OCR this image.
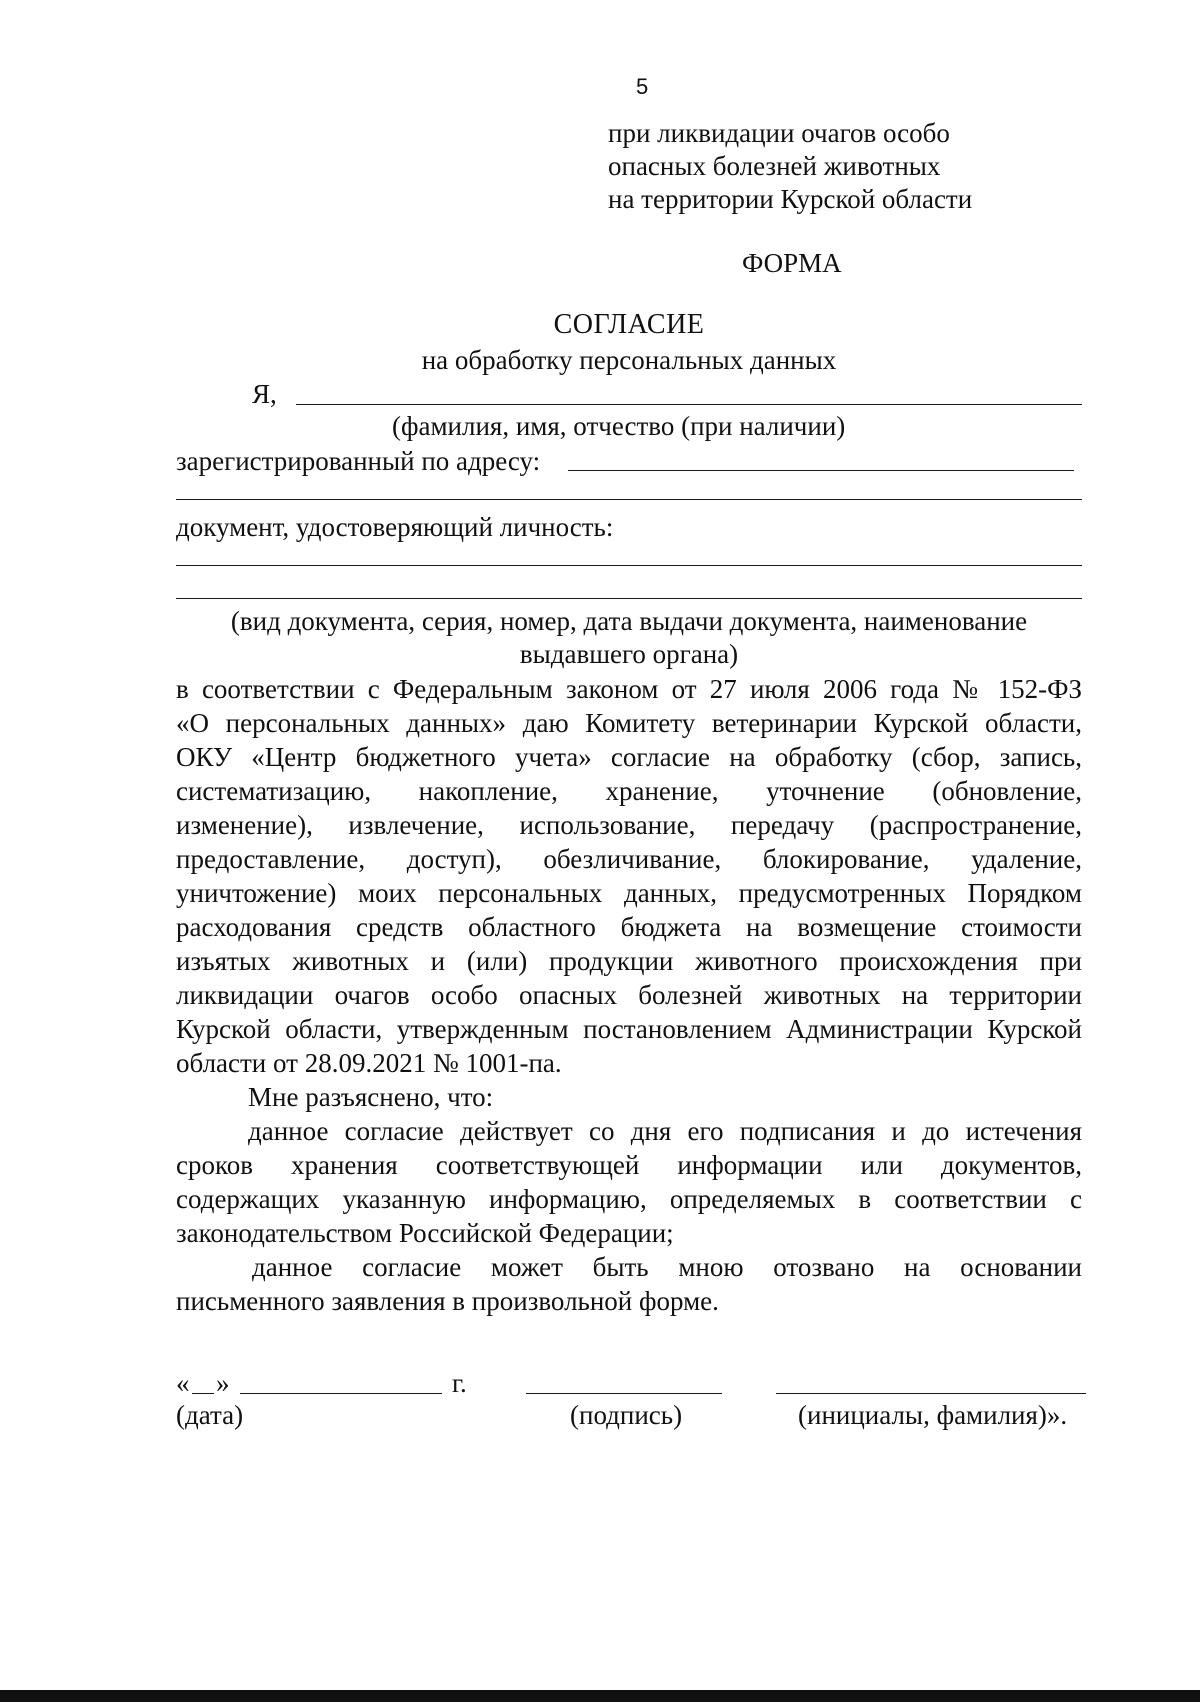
5
при ликвидации очагов особо
опасных болезней животных
на территории Курской области
ФОРМА
СОГЛАСИЕ
на обработку персональных данных
Я,
(фамилия, имя, отчество (при наличии)
зарегистрированный по адресу:
документ, удостоверяющий личность:
(вид документа, серия, номер, дата выдачи документа, наименование
выдавшего органа)
в соответствии с Федеральным законом от 27 июля 2006 года № 152-ФЗ
«О персональных данных» даю Комитету ветеринарии Курской области,
ОКУ «Центр бюджетного учета» согласие на обработку (сбор, запись,
систематизацию, накопление, хранение, уточнение (обновление,
изменение), извлечение, использование, передачу (распространение,
предоставление, доступ), обезличивание, блокирование, удаление,
уничтожение) моих персональных данных, предусмотренных Порядком
расходования средств областного бюджета на возмещение стоимости
изъятых животных и (или) продукции животного происхождения при
ликвидации очагов особо опасных болезней животных на территории
Курской области, утвержденным постановлением Администрации Курской
области от 28.09.2021 № 1001-па.
Мне разъяснено, что:
данное согласие действует со дня его подписания и до истечения
сроков хранения соответствующей информации или документов,
содержащих указанную информацию, определяемых в соответствии с
законодательством Российской Федерации;
данное согласие может быть мною отозвано на основании
письменного заявления в произвольной форме.
« »	г.
(дата)	(подпись)	(инициалы, фамилия)».
